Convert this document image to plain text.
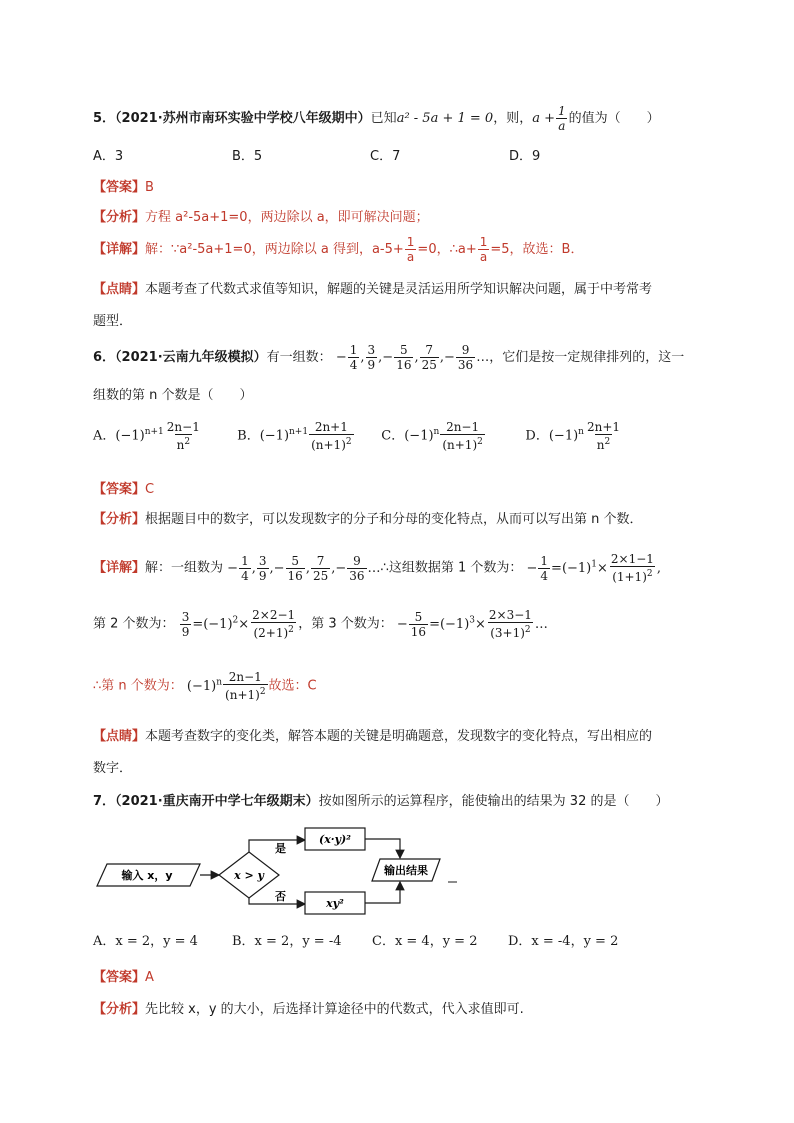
5．（2021·苏州市南环实验中学校八年级期中）已知a² - 5a + 1 = 0，则，$a + \frac{1}{a}$ 的值为（　　）
A．3	B．5	C．7	D．9
【答案】B
【分析】方程 a²-5a+1=0，两边除以 a，即可解决问题；
【详解】解：∵a²-5a+1=0，两边除以 a 得到，$a-5+ \frac{1}{a} =0$，∴a+ $\frac{1}{a} =5$，故选：B．
【点睛】本题考查了代数式求值等知识，解题的关键是灵活运用所学知识解决问题，属于中考常考
题型．
6．（2021·云南九年级模拟）有一组数： − $\frac{1}{4}$ , $\frac{3}{9}$ ,− $\frac{5}{16}$ , $\frac{7}{25}$ ,− $\frac{9}{36}$ …，它们是按一定规律排列的，这一
组数的第 n 个数是（　　）
A．$(-1)^{n+1} \frac{2n-1}{n^2}$	B．$(-1)^{n+1} \frac{2n+1}{(n+1)^2}$ C．$(-1)^n \frac{2n-1}{(n+1)^2}$	D．$(-1)^n \frac{2n+1}{n^2}$
【答案】C
【分析】根据题目中的数字，可以发现数字的分子和分母的变化特点，从而可以写出第 n 个数．
【详解】解：一组数为 − $\frac{1}{4}$ , $\frac{3}{9}$ ,− $\frac{5}{16}$ , $\frac{7}{25}$ ,− $\frac{9}{36}$ …∴这组数据第 1 个数为： − $\frac{1}{4} =(-1)^1\times \frac{2\times 1-1}{(1+1)^2}$ ,
第 2 个数为： $\frac{3}{9} =(-1)^2\times \frac{2\times 2-1}{(2+1)^2}$ ，第 3 个数为： − $\frac{5}{16} =(-1)^3\times \frac{2\times 3-1}{(3+1)^2}$ …
∴第 n 个数为： $(-1)^n \frac{2n-1}{(n+1)^2}$ 故选：C
【点睛】本题考查数字的变化类，解答本题的关键是明确题意，发现数字的变化特点，写出相应的
数字．
7．（2021·重庆南开中学七年级期末）按如图所示的运算程序，能使输出的结果为 32 的是（　　）
输入 x，y	x > y
是
否
(x·y)²
xy²
输出结果
A．x = 2，y = 4	B．x = 2，y = -4 C．x = 4，y = 2 D．x = -4，y = 2
【答案】A
【分析】先比较 x，y 的大小，后选择计算途径中的代数式，代入求值即可.
